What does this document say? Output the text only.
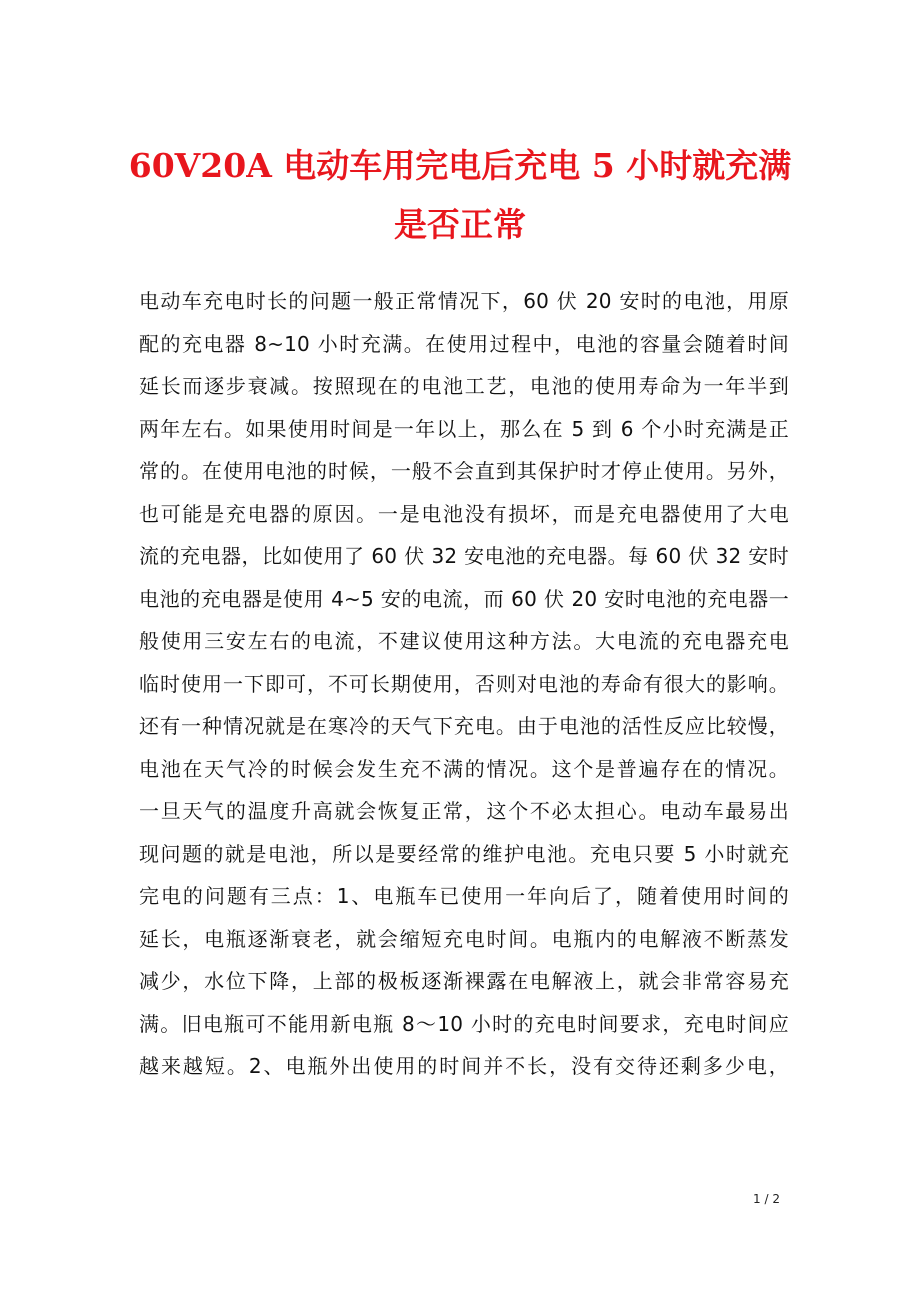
60V20A 电动车用完电后充电 5 小时就充满
是否正常
电动车充电时长的问题一般正常情况下，60 伏 20 安时的电池，用原
配的充电器 8~10 小时充满。在使用过程中，电池的容量会随着时间
延长而逐步衰减。按照现在的电池工艺，电池的使用寿命为一年半到
两年左右。如果使用时间是一年以上，那么在 5 到 6 个小时充满是正
常的。在使用电池的时候，一般不会直到其保护时才停止使用。另外，
也可能是充电器的原因。一是电池没有损坏，而是充电器使用了大电
流的充电器，比如使用了 60 伏 32 安电池的充电器。每 60 伏 32 安时
电池的充电器是使用 4~5 安的电流，而 60 伏 20 安时电池的充电器一
般使用三安左右的电流，不建议使用这种方法。大电流的充电器充电
临时使用一下即可，不可长期使用，否则对电池的寿命有很大的影响。
还有一种情况就是在寒冷的天气下充电。由于电池的活性反应比较慢，
电池在天气冷的时候会发生充不满的情况。这个是普遍存在的情况。
一旦天气的温度升高就会恢复正常，这个不必太担心。电动车最易出
现问题的就是电池，所以是要经常的维护电池。充电只要 5 小时就充
完电的问题有三点：1、电瓶车已使用一年向后了，随着使用时间的
延长，电瓶逐渐衰老，就会缩短充电时间。电瓶内的电解液不断蒸发
减少，水位下降，上部的极板逐渐裸露在电解液上，就会非常容易充
满。旧电瓶可不能用新电瓶 8～10 小时的充电时间要求，充电时间应
越来越短。2、电瓶外出使用的时间并不长，没有交待还剩多少电，
1 / 2
